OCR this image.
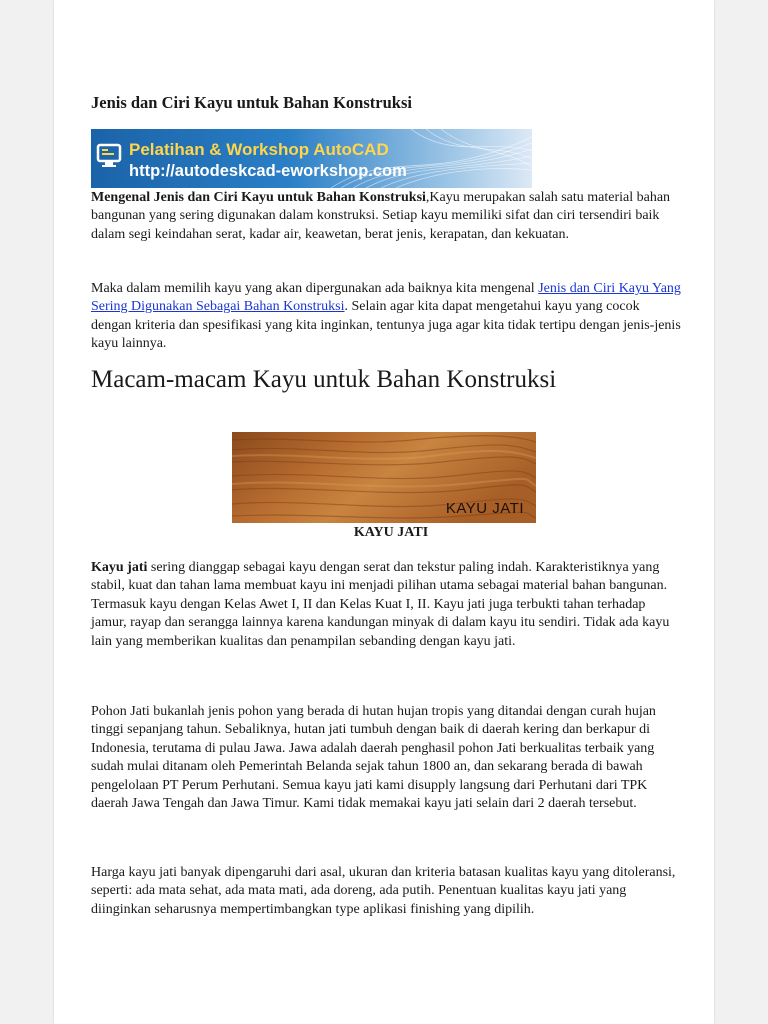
Jenis dan Ciri Kayu untuk Bahan Konstruksi
Pelatihan & Workshop AutoCAD
http://autodeskcad-eworkshop.com

Mengenal Jenis dan Ciri Kayu untuk Bahan Konstruksi,Kayu merupakan salah satu material bahan bangunan yang sering digunakan dalam konstruksi. Setiap kayu memiliki sifat dan ciri tersendiri baik dalam segi keindahan serat, kadar air, keawetan, berat jenis, kerapatan, dan kekuatan.

Maka dalam memilih kayu yang akan dipergunakan ada baiknya kita mengenal Jenis dan Ciri Kayu Yang Sering Digunakan Sebagai Bahan Konstruksi. Selain agar kita dapat mengetahui kayu yang cocok dengan kriteria dan spesifikasi yang kita inginkan, tentunya juga agar kita tidak tertipu dengan jenis-jenis kayu lainnya.

Macam-macam Kayu untuk Bahan Konstruksi
KAYU JATI
KAYU JATI

Kayu jati sering dianggap sebagai kayu dengan serat dan tekstur paling indah. Karakteristiknya yang stabil, kuat dan tahan lama membuat kayu ini menjadi pilihan utama sebagai material bahan bangunan. Termasuk kayu dengan Kelas Awet I, II dan Kelas Kuat I, II. Kayu jati juga terbukti tahan terhadap jamur, rayap dan serangga lainnya karena kandungan minyak di dalam kayu itu sendiri. Tidak ada kayu lain yang memberikan kualitas dan penampilan sebanding dengan kayu jati.

Pohon Jati bukanlah jenis pohon yang berada di hutan hujan tropis yang ditandai dengan curah hujan tinggi sepanjang tahun. Sebaliknya, hutan jati tumbuh dengan baik di daerah kering dan berkapur di Indonesia, terutama di pulau Jawa. Jawa adalah daerah penghasil pohon Jati berkualitas terbaik yang sudah mulai ditanam oleh Pemerintah Belanda sejak tahun 1800 an, dan sekarang berada di bawah pengelolaan PT Perum Perhutani. Semua kayu jati kami disupply langsung dari Perhutani dari TPK daerah Jawa Tengah dan Jawa Timur. Kami tidak memakai kayu jati selain dari 2 daerah tersebut.

Harga kayu jati banyak dipengaruhi dari asal, ukuran dan kriteria batasan kualitas kayu yang ditoleransi, seperti: ada mata sehat, ada mata mati, ada doreng, ada putih. Penentuan kualitas kayu jati yang diinginkan seharusnya mempertimbangkan type aplikasi finishing yang dipilih.
